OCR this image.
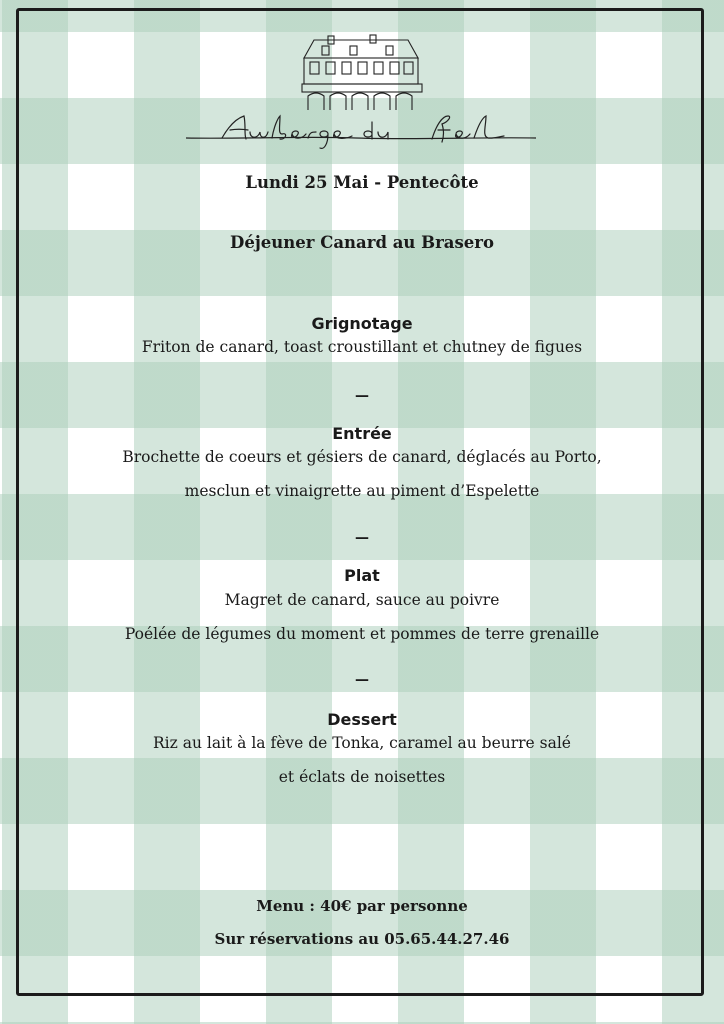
Lundi 25 Mai - Pentecôte
Déjeuner Canard au Brasero
Grignotage
Friton de canard, toast croustillant et chutney de figues
—
Entrée
Brochette de coeurs et gésiers de canard, déglacés au Porto,
mesclun et vinaigrette au piment d’Espelette
—
Plat
Magret de canard, sauce au poivre
Poélée de légumes du moment et pommes de terre grenaille
—
Dessert
Riz au lait à la fève de Tonka, caramel au beurre salé
et éclats de noisettes
Menu : 40€ par personne
Sur réservations au 05.65.44.27.46
